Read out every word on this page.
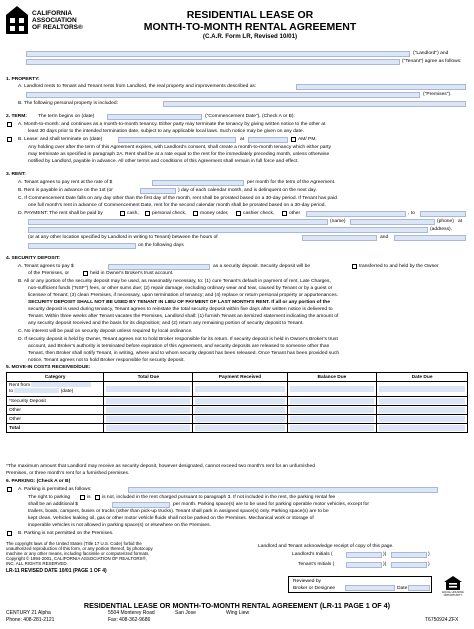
CALIFORNIA
ASSOCIATION
OF REALTORS®
RESIDENTIAL LEASE OR
MONTH-TO-MONTH RENTAL AGREEMENT
(C.A.R. Form LR, Revised 10/01)
("Landlord") and
("Tenant") agree as follows:
1. PROPERTY:
A. Landlord rents to Tenant and Tenant rents from Landlord, the real property and improvements described as:
("Premises").
B. The following personal property is included:
2. TERM: The term begins on (date)	("Commencement Date"), (Check A or B):
A. Month-to-month: and continues as a month-to-month tenancy. Either party may terminate the tenancy by giving written notice to the other at
least 30 days prior to the intended termination date, subject to any applicable local laws. Such notice may be given on any date.
B. Lease: and shall terminate on (date)	at	AM/ PM.
Any holding over after the term of this Agreement expires, with Landlord's consent, shall create a month-to-month tenancy which either party
may terminate as specified in paragraph 2A. Rent shall be at a rate equal to the rent for the immediately preceding month, unless otherwise
notified by Landlord, payable in advance. All other terms and conditions of this Agreement shall remain in full force and effect.
3. RENT:
A. Tenant agrees to pay rent at the rate of $	per month for the term of the Agreement.
B. Rent is payable in advance on the 1st (or	) day of each calendar month, and is delinquent on the next day.
C. If Commencement Date falls on any day other than the first day of the month, rent shall be prorated based on a 30-day period. If Tenant has paid
one full month's rent in advance of Commencement Date, rent for the second calendar month shall be prorated based on a 30-day period.
D. PAYMENT: The rent shall be paid by	cash,	personal check,	money order,	cashier check,	other	, to
(name)	(phone) at
(address),
(or at any other location specified by Landlord in writing to Tenant) between the hours of	and
on the following days
4. SECURITY DEPOSIT:
A. Tenant agrees to pay $	as a security deposit. Security deposit will be	transferred to and held by the Owner
of the Premises, or	held in Owner's Broker's trust account.
B. All or any portion of the security deposit may be used, as reasonably necessary, to: (1) cure Tenant's default in payment of rent, Late Charges,
non-sufficient funds ("NSF") fees, or other sums due; (2) repair damage, excluding ordinary wear and tear, caused by Tenant or by a guest or
licensee of Tenant; (3) clean Premises, if necessary, upon termination of tenancy; and (4) replace or return personal property or appurtenances.
SECURITY DEPOSIT SHALL NOT BE USED BY TENANT IN LIEU OF PAYMENT OF LAST MONTH'S RENT. If all or any portion of the
security deposit is used during tenancy, Tenant agrees to reinstate the total security deposit within five days after written notice is delivered to
Tenant. Within three weeks after Tenant vacates the Premises, Landlord shall: (1) furnish Tenant an itemized statement indicating the amount of
any security deposit received and the basis for its disposition; and (2) return any remaining portion of security deposit to Tenant.
C. No interest will be paid on security deposit unless required by local ordinance.
D. If security deposit is held by Owner, Tenant agrees not to hold Broker responsible for its return. If security deposit is held in Owner's Broker's trust
account, and Broker's authority is terminated before expiration of this Agreement, and security deposits are released to someone other than
Tenant, then Broker shall notify Tenant, in writing, where and to whom security deposit has been released. Once Tenant has been provided such
notice, Tenant agrees not to hold Broker responsible for security deposit.
5. MOVE-IN COSTS RECEIVED/DUE:
Category	Total Due	Payment Received	Balance Due	Date Due
Rent from
to (date)	

*Security Deposit	

Other	

Other	

Total	

*The maximum amount that Landlord may receive as security deposit, however designated, cannot exceed two month's rent for an unfurnished
Premises, or three month's rent for a furnished premises.
6. PARKING: (Check A or B)
A. Parking is permitted as follows:
The right to parking	is is not, included in the rent charged pursuant to paragraph 3. If not included in the rent, the parking rental fee
shall be an additional $	per month. Parking space(s) are to be used for parking operable motor vehicles, except for
trailers, boats, campers, buses or trucks (other than pick-up trucks). Tenant shall park in assigned space(s) only. Parking space(s) are to be
kept clean. Vehicles leaking oil, gas or other motor vehicle fluids shall not be parked on the Premises. Mechanical work or storage of
inoperable vehicles is not allowed in parking space(s) or elsewhere on the Premises.
B. Parking is not permitted on the Premises.
The copyright laws of the United States (Title 17 U.S. Code) forbid the
unauthorized reproduction of this form, or any portion thereof, by photocopy
machine or any other means, including facsimile or computerized formats.
Copyright © 1994-2001, CALIFORNIA ASSOCIATION OF REALTORS®,
INC. ALL RIGHTS RESERVED.
LR-11 REVISED DATE 10/01 (PAGE 1 OF 4)
Landlord and Tenant acknowledge receipt of copy of this page.
Landlord's Initials (	)(	)
Tenant's Initials (	)(	)
Reviewed by
Broker or Designee	Date
EQUAL HOUSING OPPORTUNITY
RESIDENTIAL LEASE OR MONTH-TO-MONTH RENTAL AGREEMENT (LR-11 PAGE 1 OF 4)
CENTURY 21 Alpha	5504 Monterey Road	San Jose	Wing Liew
Phone: 408-281-2121	Fax: 408-362-9686	T6750924.ZFX
